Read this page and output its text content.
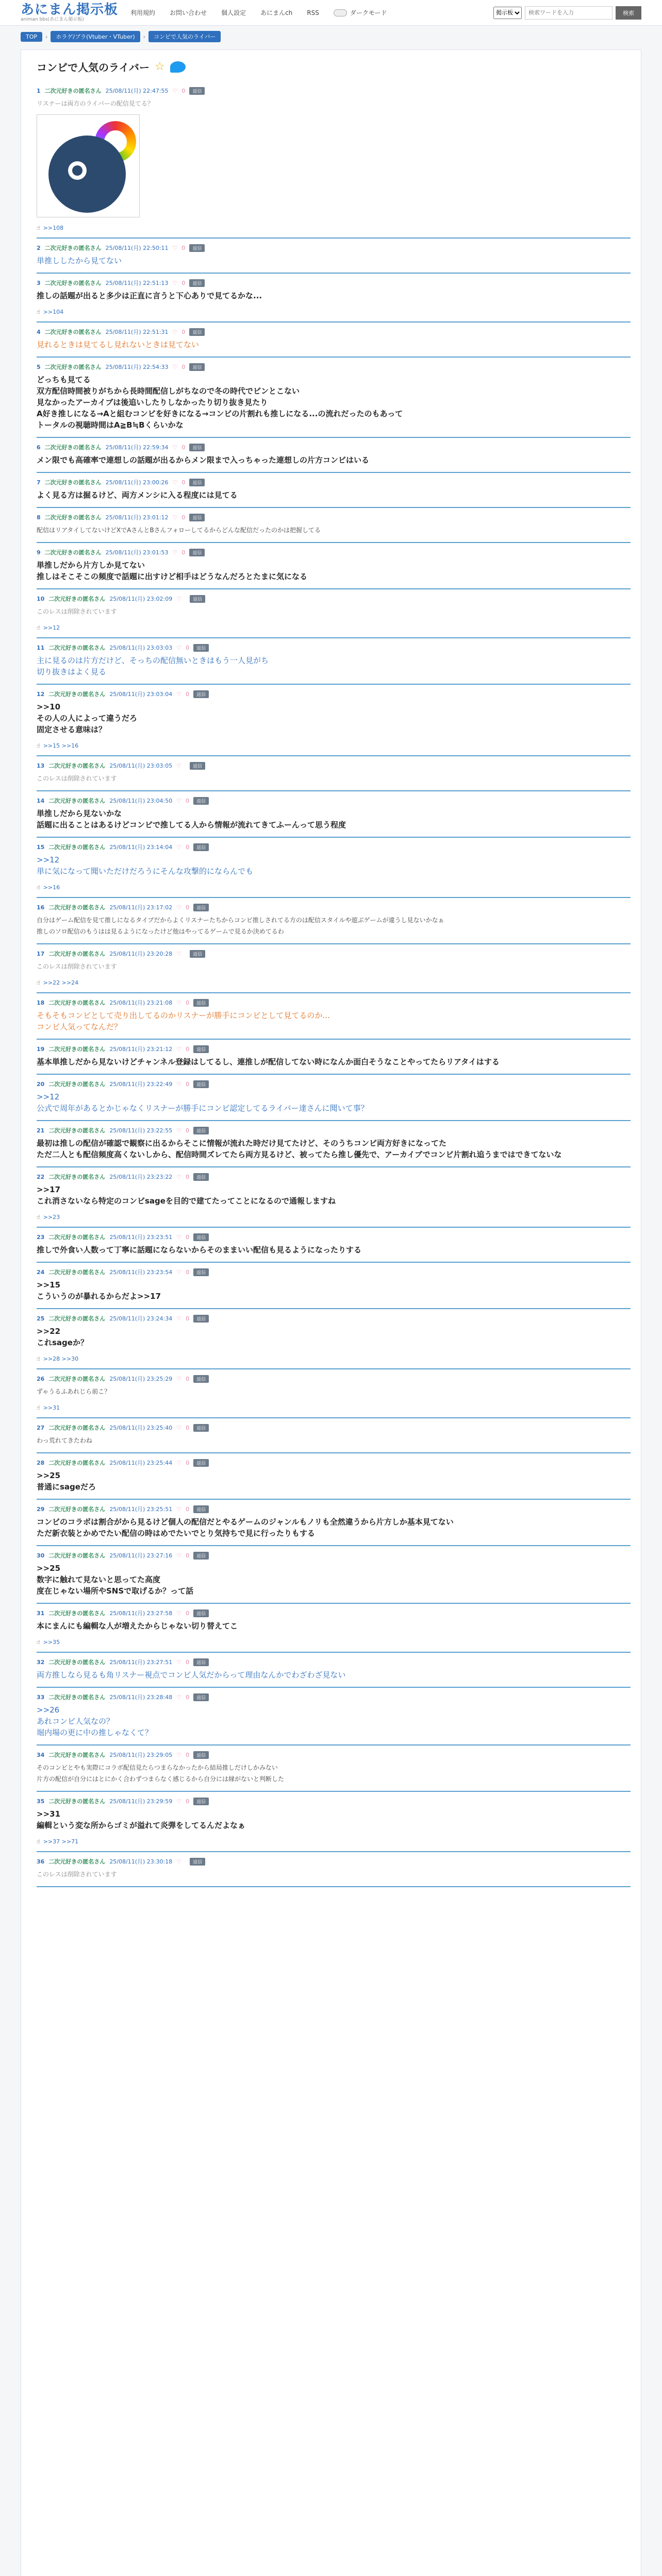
あにまん掲示板
animan bbs(あにまん掲示板)
利用規約 お問い合わせ 個人設定 あにまんch RSS	ダークモード
掲示板
検索ワードを入力	検索
TOP	›	ホラゲ/ブラ(Vtuber・VTuber)	›	コンビで人気のライバー
コンビで人気のライバー ☆
1 二次元好きの匿名さん 25/08/11(月) 22:47:55 ♡ 0	返信
リスナーは両方のライバーの配信見てる？
☝ >>108
2 二次元好きの匿名さん 25/08/11(月) 22:50:11 ♡ 0	返信
単推ししたから見てない
3 二次元好きの匿名さん 25/08/11(月) 22:51:13 ♡ 0	返信
推しの話題が出ると多少は正直に言うと下心ありで見てるかな...
☝ >>104
4 二次元好きの匿名さん 25/08/11(月) 22:51:31 ♡ 0	返信
見れるときは見てるし見れないときは見てない
5 二次元好きの匿名さん 25/08/11(月) 22:54:33 ♡ 0	返信
どっちも見てる
双方配信時間被りがちから長時間配信しがちなので冬の時代でピンとこない
見なかったアーカイブは後追いしたりしなかったり切り抜き見たり
A好き推しになる→Aと組むコンビを好きになる→コンビの片割れも推しになる...の流れだったのもあって
トータルの視聴時間はA≧B≒Bくらいかな
6 二次元好きの匿名さん 25/08/11(月) 22:59:34 ♡ 0	返信
メン限でも高確率で連想しの話題が出るからメン限まで入っちゃった連想しの片方コンビはいる
7 二次元好きの匿名さん 25/08/11(月) 23:00:26 ♡ 0	返信
よく見る方は掘るけど、両方メンシに入る程度には見てる
8 二次元好きの匿名さん 25/08/11(月) 23:01:12 ♡ 0	返信
配信はリアタイしてないけどXでAさんとBさんフォローしてるからどんな配信だったのかは把握してる
9 二次元好きの匿名さん 25/08/11(月) 23:01:53 ♡ 0	返信
単推しだから片方しか見てない
推しはそこそこの頻度で話題に出すけど相手はどうなんだろとたまに気になる
10 二次元好きの匿名さん 25/08/11(月) 23:02:09 ♡	返信
このレスは削除されています
☝ >>12
11 二次元好きの匿名さん 25/08/11(月) 23:03:03 ♡ 0	返信
主に見るのは片方だけど、そっちの配信無いときはもう一人見がち
切り抜きはよく見る
12 二次元好きの匿名さん 25/08/11(月) 23:03:04 ♡ 0	返信
>>10
その人の人によって違うだろ
固定させる意味は？
☝ >>15 >>16
13 二次元好きの匿名さん 25/08/11(月) 23:03:05 ♡	返信
このレスは削除されています
14 二次元好きの匿名さん 25/08/11(月) 23:04:50 ♡ 0	返信
単推しだから見ないかな
話題に出ることはあるけどコンビで推してる人から情報が流れてきてふーんって思う程度
15 二次元好きの匿名さん 25/08/11(月) 23:14:04 ♡ 0	返信
>>12
単に気になって聞いただけだろうにそんな攻撃的にならんでも
☝ >>16
16 二次元好きの匿名さん 25/08/11(月) 23:17:02 ♡ 0	返信
自分はゲーム配信を見て推しになるタイプだからよくリスナーたちからコンビ推しされてる方のは配信スタイルや遊ぶゲームが違うし見ないかなぁ
推しのソロ配信のもうはは見るようになったけど他はやってるゲームで見るか決めてるわ
17 二次元好きの匿名さん 25/08/11(月) 23:20:28 ♡	返信
このレスは削除されています
☝ >>22 >>24
18 二次元好きの匿名さん 25/08/11(月) 23:21:08 ♡ 0	返信
そもそもコンビとして売り出してるのかリスナーが勝手にコンビとして見てるのか...
コンビ人気ってなんだ？
19 二次元好きの匿名さん 25/08/11(月) 23:21:12 ♡ 0	返信
基本単推しだから見ないけどチャンネル登録はしてるし、連推しが配信してない時になんか面白そうなことやってたらリアタイはする
20 二次元好きの匿名さん 25/08/11(月) 23:22:49 ♡ 0	返信
>>12
公式で周年があるとかじゃなくリスナーが勝手にコンビ認定してるライバー達さんに聞いて事？
21 二次元好きの匿名さん 25/08/11(月) 23:22:55 ♡ 0	返信
最初は推しの配信が確認で観察に出るからそこに情報が流れた時だけ見てたけど、そのうちコンビ両方好きになってた
ただ二人とも配信頻度高くないしから、配信時間ズレてたら両方見るけど、被ってたら推し優先で、アーカイブでコンビ片割れ追うまではできてないな
22 二次元好きの匿名さん 25/08/11(月) 23:23:22 ♡ 0	返信
>>17
これ消さないなら特定のコンビsageを目的で建てたってことになるので通報しますね
☝ >>23
23 二次元好きの匿名さん 25/08/11(月) 23:23:51 ♡ 0	返信
推しで外食い人数って丁寧に話題にならないからそのままいい配信も見るようになったりする
24 二次元好きの匿名さん 25/08/11(月) 23:23:54 ♡ 0	返信
>>15
こういうのが暴れるからだよ>>17
25 二次元好きの匿名さん 25/08/11(月) 23:24:34 ♡ 0	返信
>>22
これsageか？
☝ >>28 >>30
26 二次元好きの匿名さん 25/08/11(月) 23:25:29 ♡ 0	返信
ずゃうるふあれじら前こ？
☝ >>31
27 二次元好きの匿名さん 25/08/11(月) 23:25:40 ♡ 0	返信
わっ荒れてきたわね
28 二次元好きの匿名さん 25/08/11(月) 23:25:44 ♡ 0	返信
>>25
普通にsageだろ
29 二次元好きの匿名さん 25/08/11(月) 23:25:51 ♡ 0	返信
コンビのコラボは割合がから見るけど個人の配信だとやるゲームのジャンルもノリも全然違うから片方しか基本見てない
ただ新衣装とかめでたい配信の時はめでたいでとり気持ちで見に行ったりもする
30 二次元好きの匿名さん 25/08/11(月) 23:27:16 ♡ 0	返信
>>25
数字に触れて見ないと思ってた高度
度在じゃない場所やSNSで取げるか？って話
31 二次元好きの匿名さん 25/08/11(月) 23:27:58 ♡ 0	返信
本にまんにも編輯な人が増えたからじゃない切り替えてこ
☝ >>35
32 二次元好きの匿名さん 25/08/11(月) 23:27:51 ♡ 0	返信
両方推しなら見るも角リスナー視点でコンビ人気だからって理由なんかでわざわざ見ない
33 二次元好きの匿名さん 25/08/11(月) 23:28:48 ♡ 0	返信
>>26
あれコンビ人気なの？
堀内場の更に中の推しゃなくて？
34 二次元好きの匿名さん 25/08/11(月) 23:29:05 ♡ 0	返信
そのコンビとやも実際にコラボ配信見たらつまらなかったから結局推しだけしかみない
片方の配信が自分にはとにかく合わずつまらなく感じるから自分には縁がないと判断した
35 二次元好きの匿名さん 25/08/11(月) 23:29:59 ♡ 0	返信
>>31
編輯という変な所からゴミが溢れて炎弾をしてるんだよなぁ
☝ >>37 >>71
36 二次元好きの匿名さん 25/08/11(月) 23:30:18 ♡	返信
このレスは削除されています
